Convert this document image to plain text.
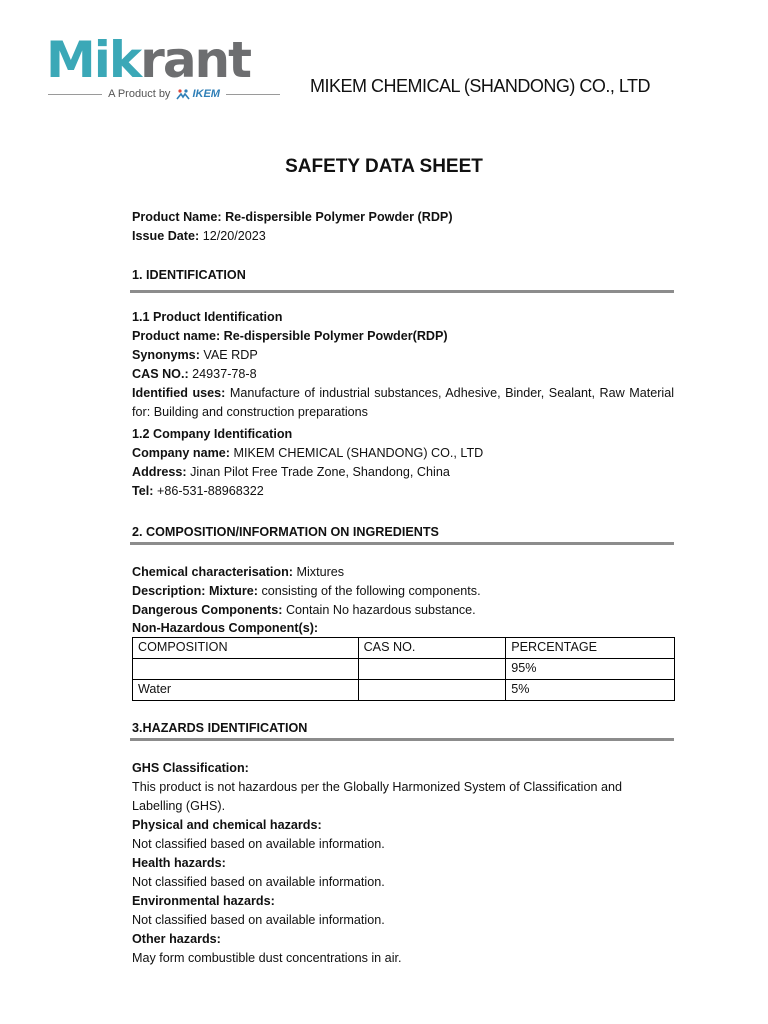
Mikrant
A Product by IKEM	MIKEM CHEMICAL (SHANDONG) CO., LTD
SAFETY DATA SHEET
Product Name: Re-dispersible Polymer Powder (RDP)
Issue Date: 12/20/2023
1. IDENTIFICATION
1.1 Product Identification
Product name: Re-dispersible Polymer Powder(RDP)
Synonyms: VAE RDP
CAS NO.: 24937-78-8
Identified uses: Manufacture of industrial substances, Adhesive, Binder, Sealant, Raw Material for: Building and construction preparations
1.2 Company Identification
Company name: MIKEM CHEMICAL (SHANDONG) CO., LTD
Address: Jinan Pilot Free Trade Zone, Shandong, China
Tel: +86-531-88968322
2. COMPOSITION/INFORMATION ON INGREDIENTS
Chemical characterisation: Mixtures
Description: Mixture: consisting of the following components.
Dangerous Components: Contain No hazardous substance.
Non-Hazardous Component(s):
COMPOSITION	CAS NO.	PERCENTAGE
		95%
Water		5%
3.HAZARDS IDENTIFICATION
GHS Classification:
This product is not hazardous per the Globally Harmonized System of Classification and Labelling (GHS).
Physical and chemical hazards:
Not classified based on available information.
Health hazards:
Not classified based on available information.
Environmental hazards:
Not classified based on available information.
Other hazards:
May form combustible dust concentrations in air.
